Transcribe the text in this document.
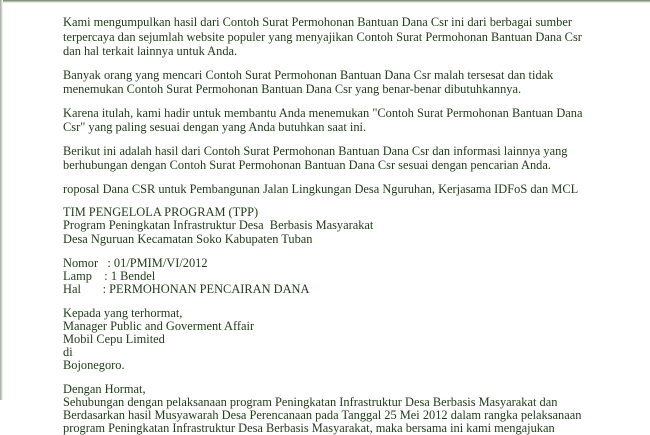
Kami mengumpulkan hasil dari Contoh Surat Permohonan Bantuan Dana Csr ini dari berbagai sumber
terpercaya dan sejumlah website populer yang menyajikan Contoh Surat Permohonan Bantuan Dana Csr
dan hal terkait lainnya untuk Anda.
Banyak orang yang mencari Contoh Surat Permohonan Bantuan Dana Csr malah tersesat dan tidak
menemukan Contoh Surat Permohonan Bantuan Dana Csr yang benar-benar dibutuhkannya.
Karena itulah, kami hadir untuk membantu Anda menemukan "Contoh Surat Permohonan Bantuan Dana
Csr" yang paling sesuai dengan yang Anda butuhkan saat ini.
Berikut ini adalah hasil dari Contoh Surat Permohonan Bantuan Dana Csr dan informasi lainnya yang
berhubungan dengan Contoh Surat Permohonan Bantuan Dana Csr sesuai dengan pencarian Anda.
roposal Dana CSR untuk Pembangunan Jalan Lingkungan Desa Nguruhan, Kerjasama IDFoS dan MCL
TIM PENGELOLA PROGRAM (TPP)
Program Peningkatan Infrastruktur Desa  Berbasis Masyarakat
Desa Nguruan Kecamatan Soko Kabupaten Tuban
Nomor   : 01/PMIM/VI/2012
Lamp    : 1 Bendel
Hal       : PERMOHONAN PENCAIRAN DANA
Kepada yang terhormat,
Manager Public and Goverment Affair
Mobil Cepu Limited
di
Bojonegoro.
Dengan Hormat,
Sehubungan dengan pelaksanaan program Peningkatan Infrastruktur Desa Berbasis Masyarakat dan
Berdasarkan hasil Musyawarah Desa Perencanaan pada Tanggal 25 Mei 2012 dalam rangka pelaksanaan
program Peningkatan Infrastruktur Desa Berbasis Masyarakat, maka bersama ini kami mengajukan
